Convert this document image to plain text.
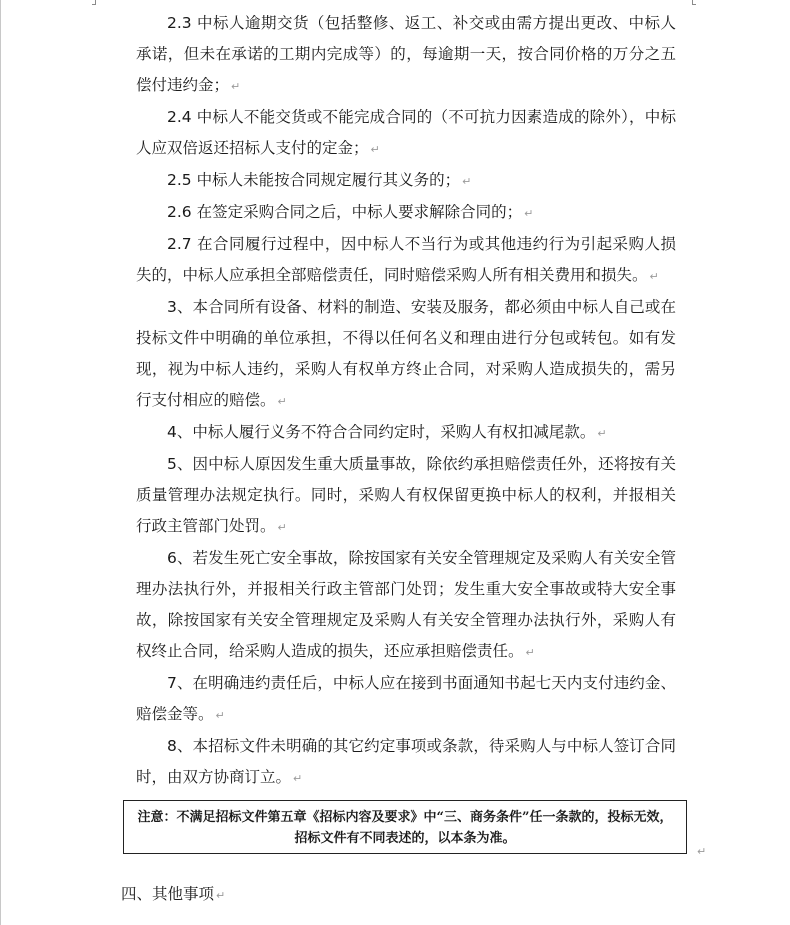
2.3 中标人逾期交货（包括整修、返工、补交或由需方提出更改、中标人承诺，但未在承诺的工期内完成等）的，每逾期一天，按合同价格的万分之五偿付违约金； ↵

2.4 中标人不能交货或不能完成合同的（不可抗力因素造成的除外），中标人应双倍返还招标人支付的定金； ↵

2.5 中标人未能按合同规定履行其义务的； ↵

2.6 在签定采购合同之后，中标人要求解除合同的； ↵

2.7 在合同履行过程中，因中标人不当行为或其他违约行为引起采购人损失的，中标人应承担全部赔偿责任，同时赔偿采购人所有相关费用和损失。 ↵

3、本合同所有设备、材料的制造、安装及服务，都必须由中标人自己或在投标文件中明确的单位承担，不得以任何名义和理由进行分包或转包。如有发现，视为中标人违约，采购人有权单方终止合同，对采购人造成损失的，需另行支付相应的赔偿。 ↵

4、中标人履行义务不符合合同约定时，采购人有权扣减尾款。 ↵

5、因中标人原因发生重大质量事故，除依约承担赔偿责任外，还将按有关质量管理办法规定执行。同时，采购人有权保留更换中标人的权利，并报相关行政主管部门处罚。 ↵

6、若发生死亡安全事故，除按国家有关安全管理规定及采购人有关安全管理办法执行外，并报相关行政主管部门处罚；发生重大安全事故或特大安全事故，除按国家有关安全管理规定及采购人有关安全管理办法执行外，采购人有权终止合同，给采购人造成的损失，还应承担赔偿责任。 ↵

7、在明确违约责任后，中标人应在接到书面通知书起七天内支付违约金、赔偿金等。 ↵

8、本招标文件未明确的其它约定事项或条款，待采购人与中标人签订合同时，由双方协商订立。 ↵

注意：不满足招标文件第五章《招标内容及要求》中“三、商务条件”任一条款的，投标无效，招标文件有不同表述的，以本条为准。
↵

四、其他事项 ↵
